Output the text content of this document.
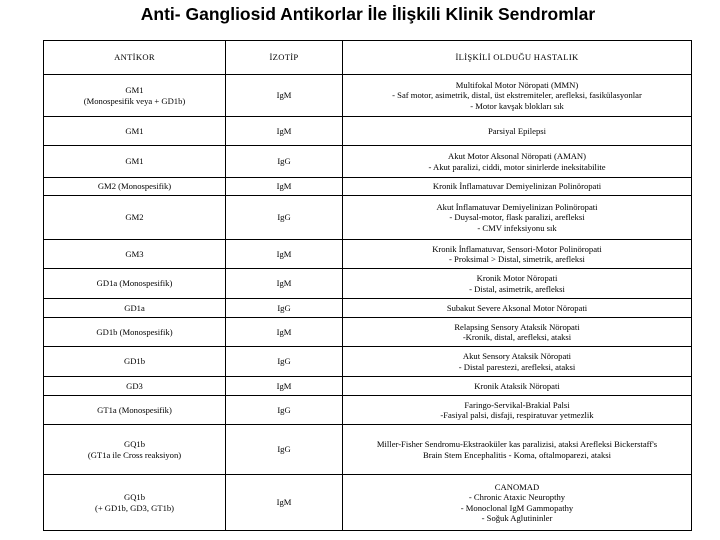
Anti- Gangliosid Antikorlar İle İlişkili Klinik Sendromlar
ANTİKOR	İZOTİP	İLİŞKİLİ OLDUĞU HASTALIK
GM1
(Monospesifik veya + GD1b)	IgM	Multifokal Motor Nöropati (MMN)
- Saf motor, asimetrik, distal, üst ekstremiteler, arefleksi, fasikülasyonlar
- Motor kavşak blokları sık
GM1	IgM	Parsiyal Epilepsi
GM1	IgG	Akut Motor Aksonal Nöropati (AMAN)
- Akut paralizi, ciddi, motor sinirlerde ineksitabilite
GM2 (Monospesifik)	IgM	Kronik İnflamatuvar Demiyelinizan Polinöropati
GM2	IgG	Akut İnflamatuvar Demiyelinizan Polinöropati
- Duysal-motor, flask paralizi, arefleksi
- CMV infeksiyonu sık
GM3	IgM	Kronik İnflamatuvar, Sensori-Motor Polinöropati
- Proksimal > Distal, simetrik, arefleksi
GD1a (Monospesifik)	IgM	Kronik Motor Nöropati
- Distal, asimetrik, arefleksi
GD1a	IgG	Subakut Severe Aksonal Motor Nöropati
GD1b (Monospesifik)	IgM	Relapsing Sensory Ataksik Nöropati
-Kronik, distal, arefleksi, ataksi
GD1b	IgG	Akut Sensory Ataksik Nöropati
- Distal parestezi, arefleksi, ataksi
GD3	IgM	Kronik Ataksik Nöropati
GT1a (Monospesifik)	IgG	Faringo-Servikal-Brakial Palsi
-Fasiyal palsi, disfaji, respiratuvar yetmezlik
GQ1b
(GT1a ile Cross reaksiyon)	IgG	Miller-Fisher Sendromu-Ekstraoküler kas paralizisi, ataksi Arefleksi Bickerstaff's
Brain Stem Encephalitis - Koma, oftalmoparezi, ataksi
GQ1b
(+ GD1b, GD3, GT1b)	IgM	CANOMAD
- Chronic Ataxic Neuropthy
- Monoclonal IgM Gammopathy
- Soğuk Aglutininler
